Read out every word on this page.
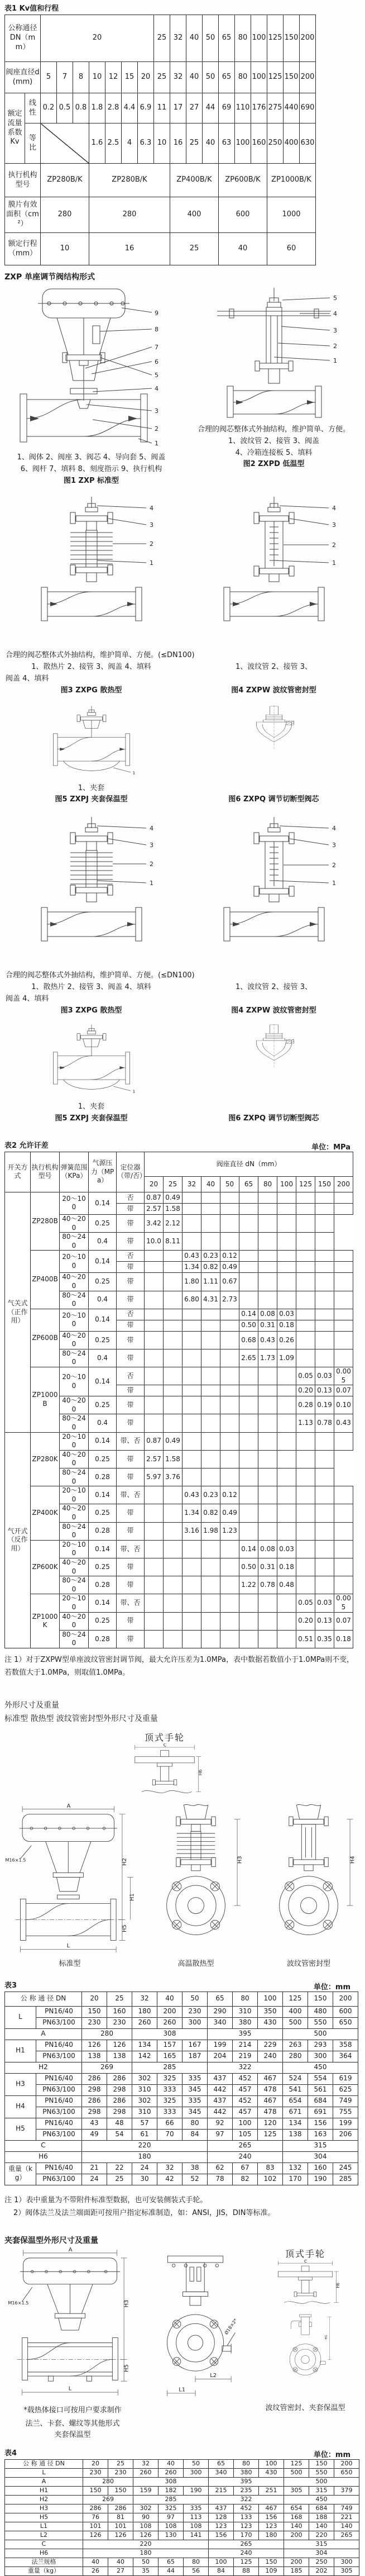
表1 Kv值和行程
公称通径DN（mm）		20							25	32	40	50	65	80	100	125	150	200
阀座直径d(mm)		5	7	8	10	12	15	20	25	32	40	50	65	80	100	125	150	200
额定流量系数Kv	线性	0.2	0.5	0.8	1.8	2.8	4.4	6.9	11	17	27	44	69	110	176	275	440	690
	等比				1.6	2.5	4	6.3	10	16	25	40	63	100	160	250	400	630
执行机构型号		ZP280B/K			ZP280B/K					ZP400B/K			ZP600B/K			ZP1000B/K		
膜片有效面积（cm²）		280			280					400			600			1000		
额定行程（mm）		10			16					25			40			60		
ZXP 单座调节阀结构形式
9
8
7
6
5
4
3
2
1
1、阀体 2、阀座 3、阀芯 4、导向套 5、阀盖
6、阀杆 7、填料 8、刻度指示 9、执行机构
图1 ZXP 标准型
5
4
3
2
1
合理的阀芯整体式外抽结构，维护简单、方便。
1、波纹管 2、接管 3、阀盖
4、冷箱连接板 5、填料
图2 ZXPD 低温型
合理的阀芯整体式外抽结构，维护简单、方便。(≤DN100)
1、散热片 2、接管 3、阀盖 4、填料	1、波纹管 2、接管 3、
阀盖 4、填料
图3 ZXPG 散热型	图4 ZXPW 波纹管密封型
1、夹套
图5 ZXPJ 夹套保温型
	图6 ZXPQ 调节切断型阀芯
合理的阀芯整体式外抽结构，维护简单、方便。(≤DN100)
1、散热片 2、接管 3、阀盖 4、填料	1、波纹管 2、接管 3、
阀盖 4、填料
图3 ZXPG 散热型	图4 ZXPW 波纹管密封型
1、夹套
图5 ZXPJ 夹套保温型
	图6 ZXPQ 调节切断型阀芯
表2 允许讦差	单位：MPa
开关方式	执行机构型号	弹簧范围（KPa）	气源压力（MPa）	定位器（带/否）	阀座直径 dN（mm）										
					20	25	32	40	50	65	80	100	125	150	200
气关式（正作用）	ZP280B	20～100	0.14	否	0.87	0.49									
				带	2.57	1.58									
		40～200	0.25	带	3.42	2.12									
		80～240	0.4	带	10.0	8.11									
	ZP400B	20～100	0.14	否			0.43	0.23	0.12						
				带			1.34	0.82	0.49						
		40～200	0.25	带			1.80	1.11	0.67						
		80～240	0.4	带			6.80	4.31	2.73						
	ZP600B	20～100	0.14	否						0.14	0.08	0.03			
				带						0.50	0.31	0.18			
		40～200	0.25	带						0.68	0.43	0.26			
		80～240	0.4	带						2.65	1.73	1.09			
	ZP1000B	20～100	0.14	否									0.05	0.03	0.005
				带									0.20	0.13	0.07
		40～200	0.25	带									0.28	0.19	0.10
		80～240	0.4	带									1.13	0.78	0.43
气开式（反作用）	ZP280K	20～100	0.14	带、否	0.87	0.49									
		40～200	0.25	带	2.57	1.58									
		80～240	0.28	带	5.97	3.76									
	ZP400K	20～100	0.14	带、否			0.43	0.23	0.12						
		40～200	0.25	带			1.34	0.82	0.49						
		80～240	0.28	带			3.16	1.98	1.23						
	ZP600K	20～100	0.14	带、否						0.14	0.08	0.03			
		40～200	0.25	带						0.50	0.31	0.18			
		80～240	0.28	带						1.22	0.78	0.48			
	ZP1000K	20～100	0.14	带、否									0.05	0.03	0.005
		40～200	0.25	带									0.20	0.13	0.07
		80～240	0.28	带									0.51	0.35	0.18
注 1）对于ZXPW型单座波纹管密封调节阀，最大允许压差为1.0MPa，表中数据若数值小于1.0MPa则不变，
若数值大于1.0MPa，则取值1.0MPa。
外形尺寸及重量
标准型 散热型 波纹管密封型外形尺寸及重量
顶式手轮
A
M16×1.5
L
H2
H1
H5
标准型
H3
高温散热型
H4
波纹管密封型
表3	单位：mm
公 称 通 径 DN		20	25	32	40	50	65	80	100	125	150	200
L	PN16/40	150	160	180	200	230	290	310	350	400	480	600
	PN63/100	230	230	260	260	300	340	380	430	500	550	650
A		280		308			395			500		
H1	PN16/40	126	126	134	157	167	199	214	229	263	293	358
	PN63/100	138	138	142	165	187	204	219	240	280	300	364
H2		269		285			322			450		
H3	PN16/40	286	286	302	325	335	437	452	467	524	554	619
	PN63/100	298	298	310	333	345	442	457	478	541	561	625
H4	PN16/40	286	286	302	325	335	437	452	467	654	684	749
	PN63/100	298	298	310	333	345	442	457	478	671	691	755
H5	PN16/40	43	48	57	66	80	92	100	120	134	156	199
	PN63/100	49	54	61	70	84	97	105	125	138	163	206
C		220					265			315		
H6		180					240			304		
重量（kg）	PN16/40	21	22	24	32	38	62	67	83	132	160	245
	PN63/100	24	25	30	42	52	78	82	102	170	190	285
注 1）表中重量为不带附件标准型数据，也可安装侧装式手轮。
2）阀体法兰及法兰端面距可按用户指定标准制造，如：ANSI，JIS，DIN等标准。
夹套保温型外形尺寸及重量
A
M16×1.5
L
H3
H5
*载热体接口可按用户要求制作
法兰、卡套、螺纹等其他形式
夹套保温型
Ø18×2*
L2
L1
顶式手轮
H1
波纹管密封、夹套保温型
表4	单位：mm
公 称 通 径 DN	20	25	32	40	50	65	80	100	125	150	200
L	230	230	260	260	300	340	380	430	500	550	650
A	280		308			395			500		
H1	150	150	159	182	190	215	235	251	305	315	379
H2	269		285			322			450		
H3	286	286	302	325	335	437	452	467	654	684	749
H5	76	81	90	97	113	128	133	156	168	188	221
L1	101	101	108	108	108	123	123	123	140	140	140
L2	126	126	126	130	141	156	170	180	200	220	265
C	220					265			315		
H6	180					240			304		
法兰规格	40	40	50	65	80	100	125	150	200	250	300
重量（kg）	26	27	35	44	56	84	88	109	185	202	305
